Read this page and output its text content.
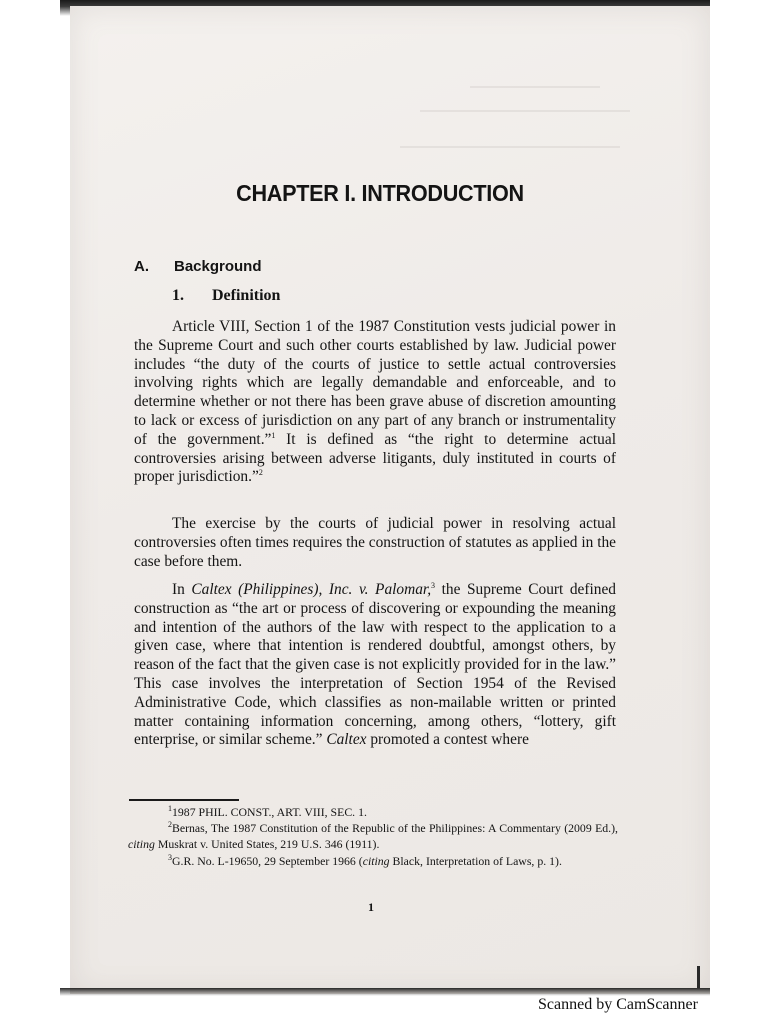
CHAPTER I. INTRODUCTION
A. Background
1. Definition
Article VIII, Section 1 of the 1987 Constitution vests judicial power in the Supreme Court and such other courts established by law. Judicial power includes “the duty of the courts of justice to settle actual controversies involving rights which are legally demandable and enforceable, and to determine whether or not there has been grave abuse of discretion amounting to lack or excess of jurisdiction on any part of any branch or instrumentality of the government.”$^1$ It is defined as “the right to determine actual controversies arising between adverse litigants, duly instituted in courts of proper jurisdiction.”$^2$
The exercise by the courts of judicial power in resolving actual controversies often times requires the construction of statutes as applied in the case before them.
In Caltex (Philippines), Inc. v. Palomar,$^3$ the Supreme Court defined construction as “the art or process of discovering or expounding the meaning and intention of the authors of the law with respect to the application to a given case, where that intention is rendered doubtful, amongst others, by reason of the fact that the given case is not explicitly provided for in the law.” This case involves the interpretation of Section 1954 of the Revised Administrative Code, which classifies as non-mailable written or printed matter containing information concerning, among others, “lottery, gift enterprise, or similar scheme.” Caltex promoted a contest where

$^1$1987 PHIL. CONST., ART. VIII, SEC. 1.

$^2$Bernas, The 1987 Constitution of the Republic of the Philippines: A Commentary (2009 Ed.), citing Muskrat v. United States, 219 U.S. 346 (1911).

$^3$G.R. No. L-19650, 29 September 1966 (citing Black, Interpretation of Laws, p. 1).

1
Scanned by CamScanner
